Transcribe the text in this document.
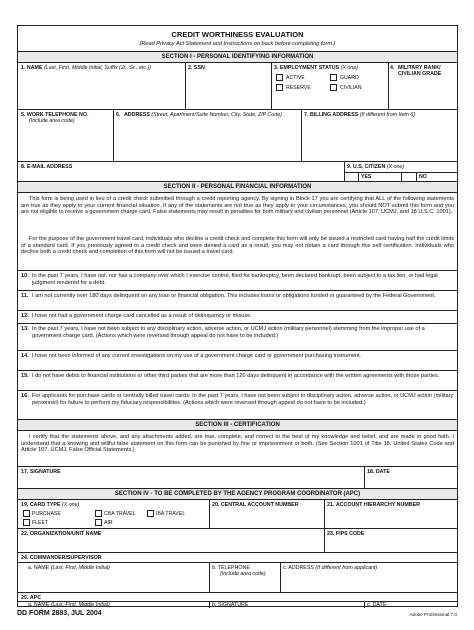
CREDIT WORTHINESS EVALUATION
(Read Privacy Act Statement and Instructions on back before completing form.)
SECTION I - PERSONAL IDENTIFYING INFORMATION
1. NAME (Last, First, Middle Initial, Suffix (Jr., Sr., etc.))	2. SSN	3. EMPLOYMENT STATUS (X one)
ACTIVE	GUARD
RESERVE	CIVILIAN
4. MILITARY RANK/ CIVILIAN GRADE
5. WORK TELEPHONE NO.
(Include area code)
6. ADDRESS (Street, Apartment/Suite Number, City, State, ZIP Code)	7. BILLING ADDRESS (If different from Item 6)
8. E-MAIL ADDRESS	9. U.S. CITIZEN (X one)
YES	NO
SECTION II - PERSONAL FINANCIAL INFORMATION
This form is being used in lieu of a credit check submitted through a credit reporting agency. By signing in Block 17 you are certifying that ALL of the following statements are true as they apply to your current financial situation. If any of the statements are not true as they apply to your circumstances, you should NOT submit this form and you are not eligible to receive a government charge card. False statements may result in penalties for both military and civilian personnel (Article 107, UCMJ, and 18 U.S.C. 1001).
For the purpose of the government travel card, individuals who decline a credit check and complete this form will only be issued a restricted card having half the credit limits of a standard card. If you previously agreed to a credit check and were denied a card as a result, you may not obtain a card through this self certification. Individuals who decline both a credit check and completion of this form will not be issued a travel card.
10. In the past 7 years, I have not, nor has a company over which I exercise control, filed for bankruptcy, been declared bankrupt, been subject to a tax lien, or had legal judgment rendered for a debt.
11. I am not currently over 180 days delinquent on any loan or financial obligation. This includes loans or obligations funded or guaranteed by the Federal Government.
12. I have not had a government charge card cancelled as a result of delinquency or misuse.
13. In the past 7 years, I have not been subject to any disciplinary action, adverse action, or UCMJ action (military personnel) stemming from the improper use of a government charge card. (Actions which were reversed through appeal do not have to be included.)
14. I have not been informed of any current investigations on my use of a government charge card or government purchasing instrument.
15. I do not have debts to financial institutions or other third parties that are more than 120 days delinquent in accordance with the written agreements with those parties.
16. For applicants for purchase cards or centrally billed travel cards: In the past 7 years, I have not been subject to disciplinary action, adverse action, or UCMJ action (military personnel) for failure to perform my fiduciary responsibilities. (Actions which were reversed through appeal do not have to be included.)
SECTION III - CERTIFICATION
I certify that the statements above, and any attachments added, are true, complete, and correct to the best of my knowledge and belief, and are made in good faith. I understand that a knowing and willful false statement on this form can be punished by fine or imprisonment or both. (See Section 1001 of Title 18, United States Code and Article 107, UCMJ, False Official Statements.)
17. SIGNATURE	18. DATE
SECTION IV - TO BE COMPLETED BY THE AGENCY PROGRAM COORDINATOR (APC)
19. CARD TYPE (X one)
PURCHASE	CBA TRAVEL	IBA TRAVEL
FLEET	AIR
20. CENTRAL ACCOUNT NUMBER	21. ACCOUNT HIERARCHY NUMBER
22. ORGANIZATION/UNIT NAME	23. FIPS CODE
24. COMMANDER/SUPERVISOR
a. NAME (Last, First, Middle Initial)	b. TELEPHONE
(Include area code)
c. ADDRESS (If different from applicant)
25. APC
a. NAME (Last, First, Middle Initial)	b. SIGNATURE	c. DATE
DD FORM 2883, JUL 2004	Adobe Professional 7.0
